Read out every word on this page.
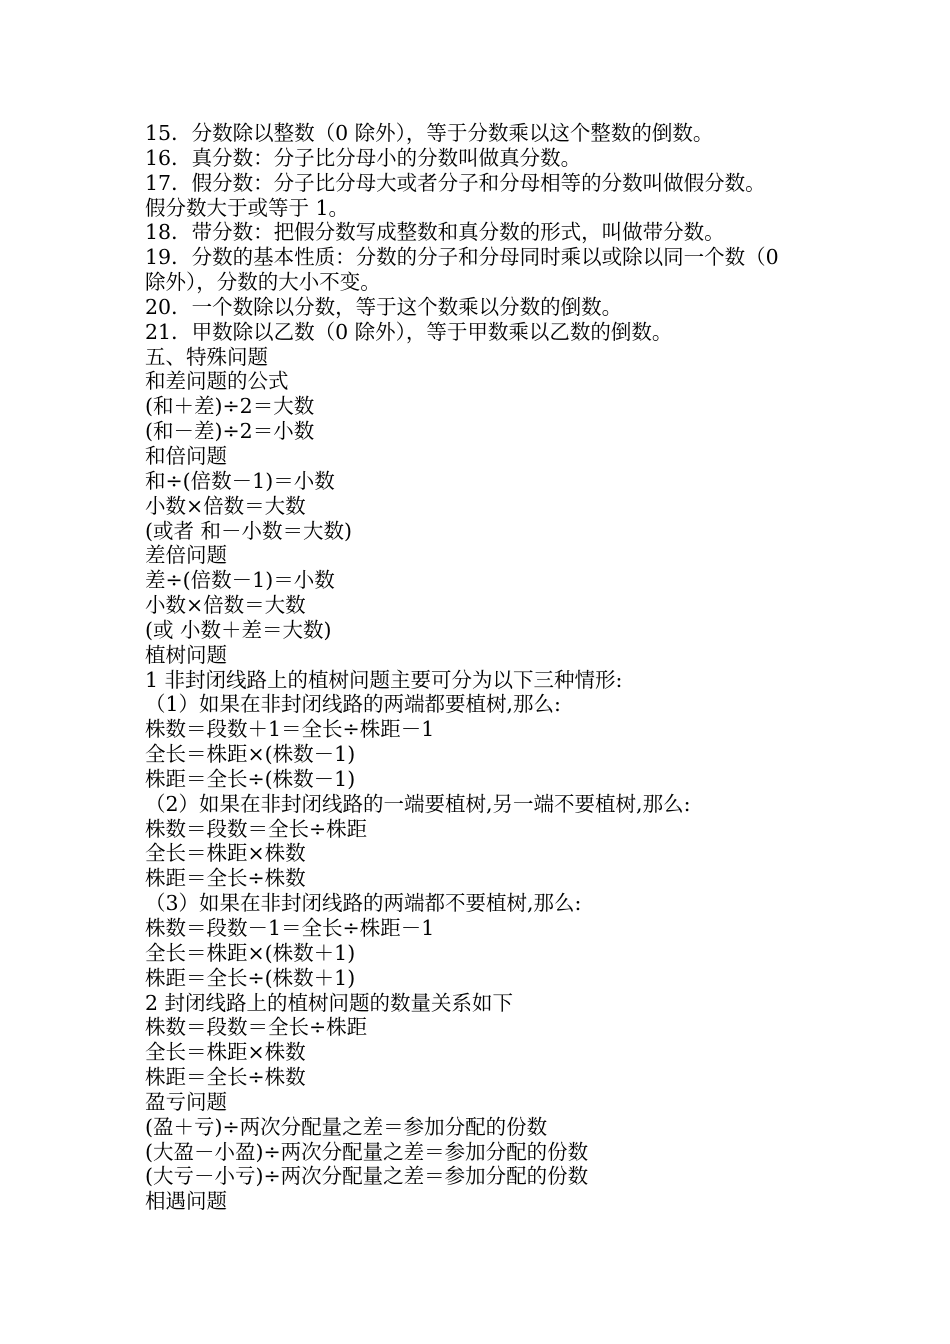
15．分数除以整数（0 除外），等于分数乘以这个整数的倒数。
16．真分数：分子比分母小的分数叫做真分数。
17．假分数：分子比分母大或者分子和分母相等的分数叫做假分数。
假分数大于或等于 1。
18．带分数：把假分数写成整数和真分数的形式，叫做带分数。
19．分数的基本性质：分数的分子和分母同时乘以或除以同一个数（0
除外），分数的大小不变。
20．一个数除以分数，等于这个数乘以分数的倒数。
21．甲数除以乙数（0 除外），等于甲数乘以乙数的倒数。
五、特殊问题
和差问题的公式
(和＋差)÷2＝大数
(和－差)÷2＝小数
和倍问题
和÷(倍数－1)＝小数
小数×倍数＝大数
(或者 和－小数＝大数)
差倍问题
差÷(倍数－1)＝小数
小数×倍数＝大数
(或 小数＋差＝大数)
植树问题
1 非封闭线路上的植树问题主要可分为以下三种情形:
（1）如果在非封闭线路的两端都要植树,那么:
株数＝段数＋1＝全长÷株距－1
全长＝株距×(株数－1)
株距＝全长÷(株数－1)
（2）如果在非封闭线路的一端要植树,另一端不要植树,那么:
株数＝段数＝全长÷株距
全长＝株距×株数
株距＝全长÷株数
（3）如果在非封闭线路的两端都不要植树,那么:
株数＝段数－1＝全长÷株距－1
全长＝株距×(株数＋1)
株距＝全长÷(株数＋1)
2 封闭线路上的植树问题的数量关系如下
株数＝段数＝全长÷株距
全长＝株距×株数
株距＝全长÷株数
盈亏问题
(盈＋亏)÷两次分配量之差＝参加分配的份数
(大盈－小盈)÷两次分配量之差＝参加分配的份数
(大亏－小亏)÷两次分配量之差＝参加分配的份数
相遇问题
